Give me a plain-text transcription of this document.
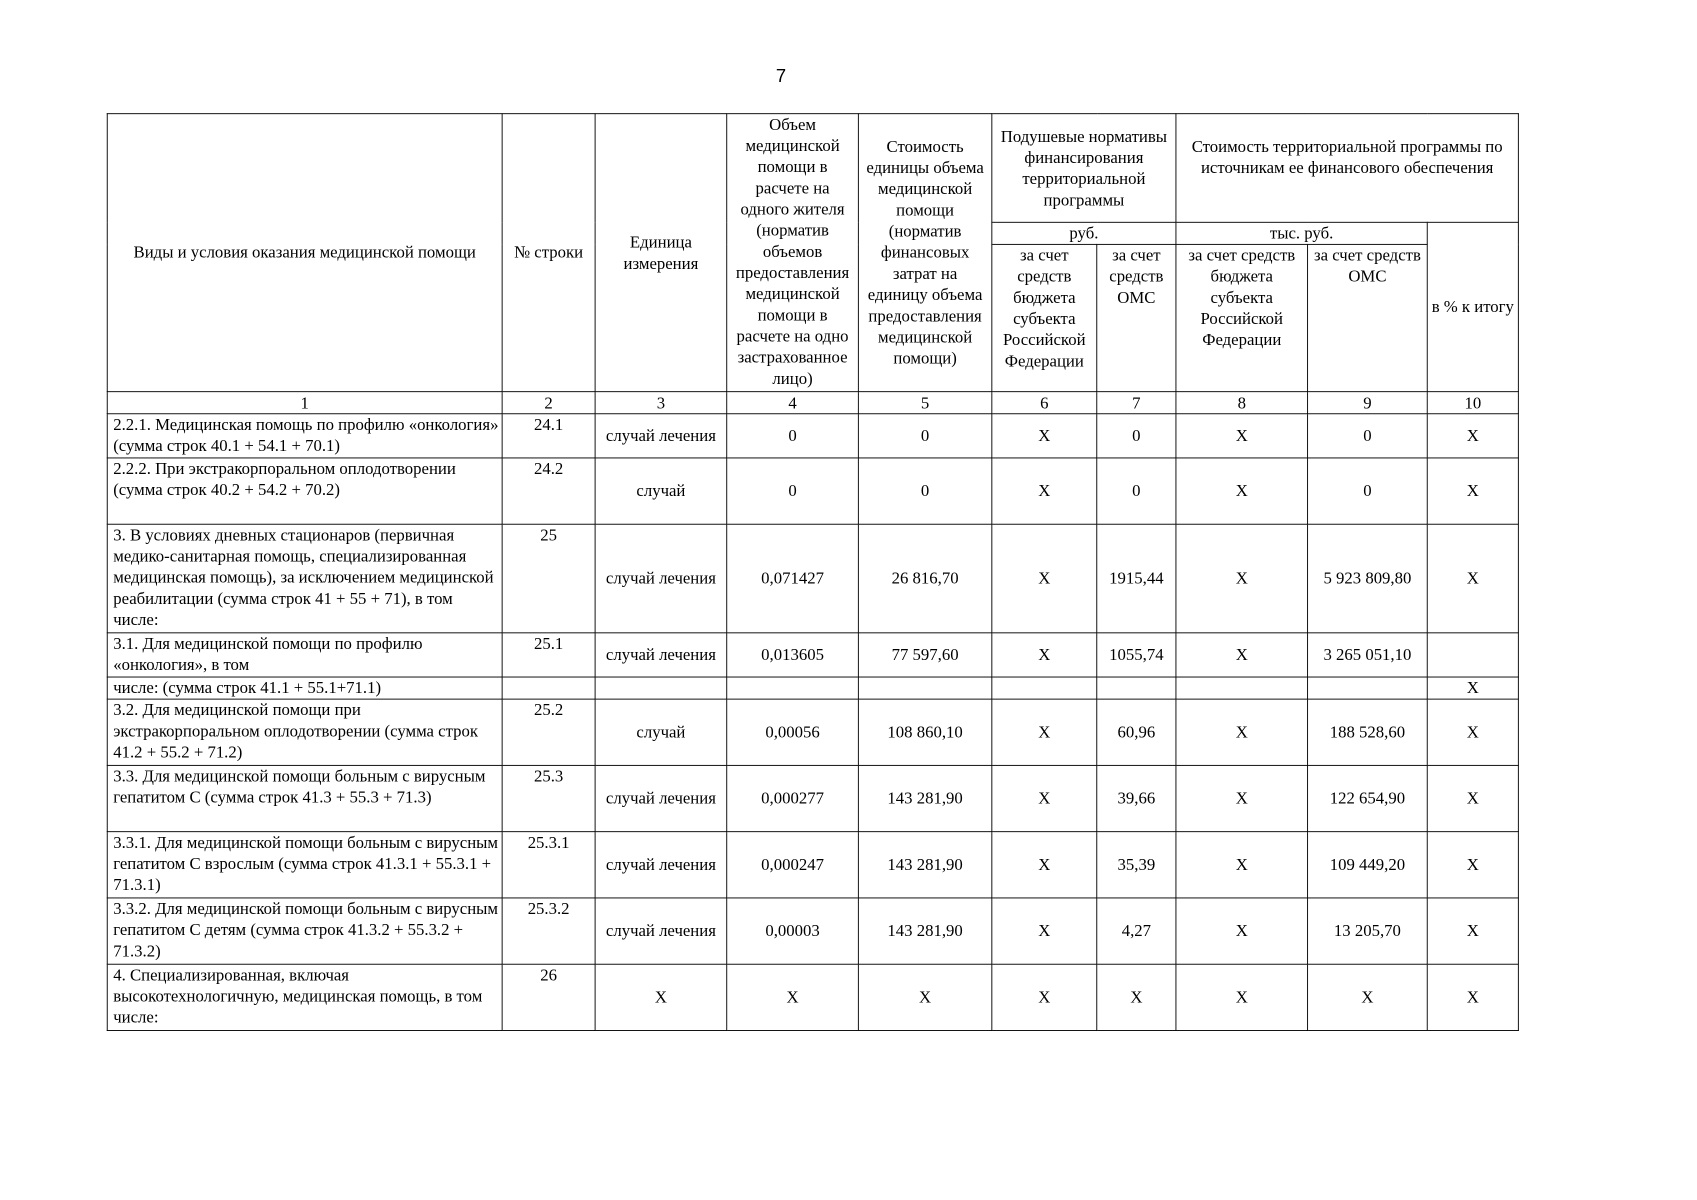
7
Виды и условия оказания медицинской помощи	№ строки	Единица измерения	Объем медицинской помощи в расчете на одного жителя (норматив объемов предоставления медицинской помощи в расчете на одно застрахованное лицо)	Стоимость единицы объема медицинской помощи (норматив финансовых затрат на единицу объема предоставления медицинской помощи)	Подушевые нормативы финансирования территориальной программы		Стоимость территориальной программы по источникам ее финансового обеспечения		
					руб.		тыс. руб.		в % к итогу
					за счет средств бюджета субъекта Российской Федерации	за счет средств ОМС	за счет средств бюджета субъекта Российской Федерации	за счет средств ОМС	
1	2	3	4	5	6	7	8	9	10
2.2.1. Медицинская помощь по профилю «онкология» (сумма строк 40.1 + 54.1 + 70.1)	24.1	случай лечения	0	0	X	0	X	0	X
2.2.2. При экстракорпоральном оплодотворении (сумма строк 40.2 + 54.2 + 70.2)	24.2	случай	0	0	X	0	X	0	X
3. В условиях дневных стационаров (первичная медико-санитарная помощь, специализированная медицинская помощь), за исключением медицинской реабилитации (сумма строк 41 + 55 + 71), в том числе:	25	случай лечения	0,071427	26 816,70	X	1915,44	X	5 923 809,80	X
3.1. Для медицинской помощи по профилю «онкология», в том	25.1	случай лечения	0,013605	77 597,60	X	1055,74	X	3 265 051,10	
числе: (сумма строк 41.1 + 55.1+71.1)									X
3.2. Для медицинской помощи при экстракорпоральном оплодотворении (сумма строк 41.2 + 55.2 + 71.2)	25.2	случай	0,00056	108 860,10	X	60,96	X	188 528,60	X
3.3. Для медицинской помощи больным с вирусным гепатитом С (сумма строк 41.3 + 55.3 + 71.3)	25.3	случай лечения	0,000277	143 281,90	X	39,66	X	122 654,90	X
3.3.1. Для медицинской помощи больным с вирусным гепатитом С взрослым (сумма строк 41.3.1 + 55.3.1 + 71.3.1)	25.3.1	случай лечения	0,000247	143 281,90	X	35,39	X	109 449,20	X
3.3.2. Для медицинской помощи больным с вирусным гепатитом С детям (сумма строк 41.3.2 + 55.3.2 + 71.3.2)	25.3.2	случай лечения	0,00003	143 281,90	X	4,27	X	13 205,70	X
4. Специализированная, включая высокотехнологичную, медицинская помощь, в том числе:	26	X	X	X	X	X	X	X	X
